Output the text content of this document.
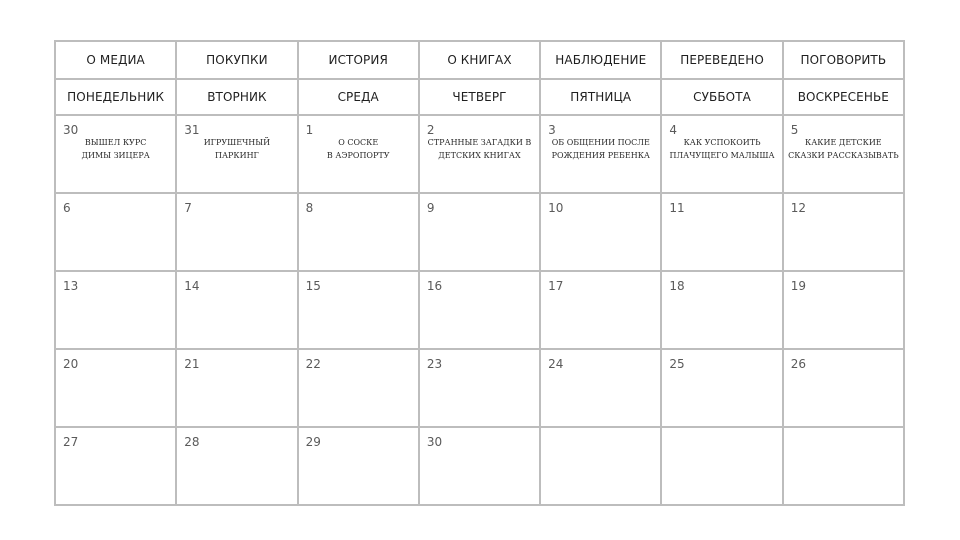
О МЕДИА	ПОКУПКИ	ИСТОРИЯ	О КНИГАХ	НАБЛЮДЕНИЕ	ПЕРЕВЕДЕНО	ПОГОВОРИТЬ
ПОНЕДЕЛЬНИК	ВТОРНИК	СРЕДА	ЧЕТВЕРГ	ПЯТНИЦА	СУББОТА	ВОСКРЕСЕНЬЕ

30
ВЫШЕЛ КУРС
ДИМЫ ЗИЦЕРА	31
ИГРУШЕЧНЫЙ
ПАРКИНГ	1
О СОСКЕ
В АЭРОПОРТУ	2
СТРАННЫЕ ЗАГАДКИ В
ДЕТСКИХ КНИГАХ	3
ОБ ОБЩЕНИИ ПОСЛЕ
РОЖДЕНИЯ РЕБЕНКА	4
КАК УСПОКОИТЬ
ПЛАЧУЩЕГО МАЛЫША	5
КАКИЕ ДЕТСКИЕ
СКАЗКИ РАССКАЗЫВАТЬ

6	7	8	9	10	11	12

13	14	15	16	17	18	19

20	21	22	23	24	25	26

27	28	29	30			
